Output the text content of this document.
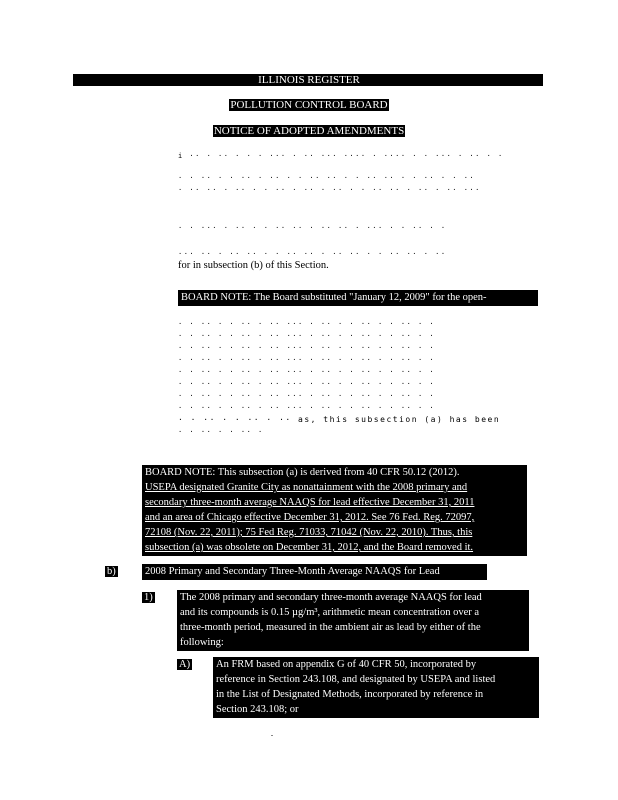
ILLINOIS REGISTER
POLLUTION CONTROL BOARD
NOTICE OF ADOPTED AMENDMENTS

i ·· · ·· · · · ··· · ·· ··· ···· · ···· · · ··· · ·· · ·

· · ·· · · ·· · ·· · · ·· ·· · · ·· ·· · · ·· · · ··

· ·· ·· · ·· · · ·· · ·· · ·· · · ·· ·· · ·· · ·· ···

· · ··· · ·· · · ·· ·· · ·· ·· · ··· · · ·· · ·

··· ·· · ·· ·· · · ·· ·· · ·· ·· · · ·· ·· · ··

for in subsection (b) of this Section.

BOARD NOTE: The Board substituted "January 12, 2009" for the open-

· · ·· · · ·· · ·· ··· · ·· · · ·· · · ·· · ·

· · ·· · · ·· · ·· ··· · ·· · · ·· · · ·· · ·

· · ·· · · ·· · ·· ··· · ·· · · ·· · · ·· · ·

· · ·· · · ·· · ·· ··· · ·· · · ·· · · ·· · ·

· · ·· · · ·· · ·· ··· · ·· · · ·· · · ·· · ·

· · ·· · · ·· · ·· ··· · ·· · · ·· · · ·· · ·

· · ·· · · ·· · ·· ··· · ·· · · ·· · · ·· · ·

· · ·· · · ·· · ·· ··· · ·· · · ·· · · ·· · ·

· · ·· · · ·· · ·· as, this subsection (a) has been

· · ·· · · ·· ·

BOARD NOTE: This subsection (a) is derived from 40 CFR 50.12 (2012).

USEPA designated Granite City as nonattainment with the 2008 primary and

secondary three-month average NAAQS for lead effective December 31, 2011

and an area of Chicago effective December 31, 2012. See 76 Fed. Reg. 72097,

72108 (Nov. 22, 2011); 75 Fed Reg. 71033, 71042 (Nov. 22, 2010). Thus, this

subsection (a) was obsolete on December 31, 2012, and the Board removed it.

b)	2008 Primary and Secondary Three-Month Average NAAQS for Lead

1)	The 2008 primary and secondary three-month average NAAQS for lead

and its compounds is 0.15 µg/m³, arithmetic mean concentration over a

three-month period, measured in the ambient air as lead by either of the

following:

A) An FRM based on appendix G of 40 CFR 50, incorporated by

reference in Section 243.108, and designated by USEPA and listed

in the List of Designated Methods, incorporated by reference in

Section 243.108; or
